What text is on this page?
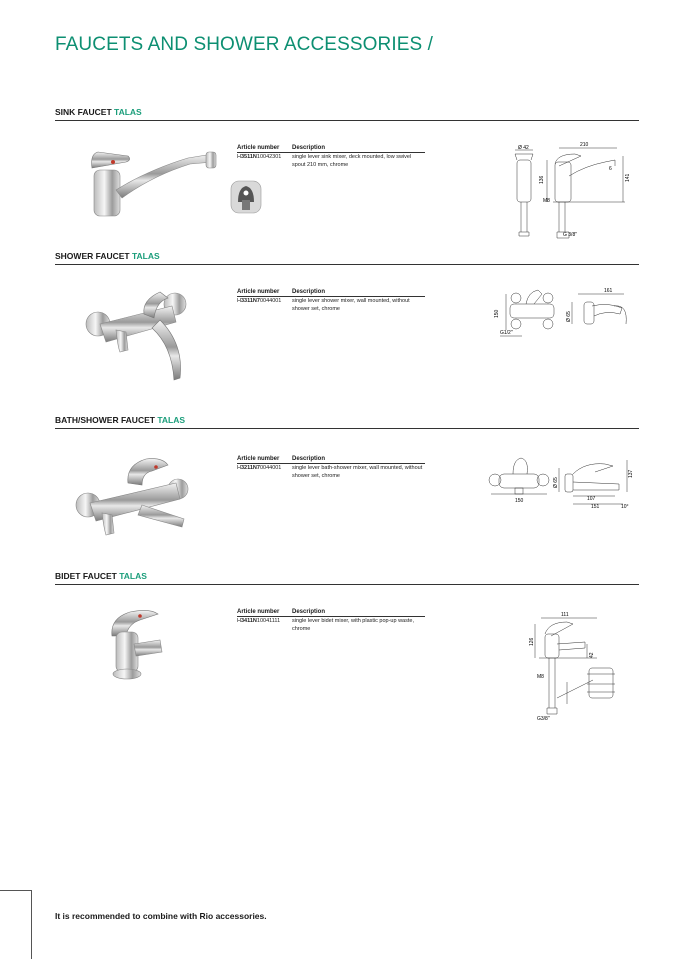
FAUCETS AND SHOWER ACCESSORIES /
SINK FAUCET TALAS
Article number	Description
H3511N10042301	single lever sink mixer, deck mounted, low swivel spout 210 mm, chrome
Ø 42	210
136	141
6
M8
G 3/8"
SHOWER FAUCET TALAS
Article number	Description
H3311N70044001	single lever shower mixer, wall mounted, without shower set, chrome
161
150	Ø 65
G1/2"
BATH/SHOWER FAUCET TALAS
Article number	Description
H3211N70044001	single lever bath-shower mixer, wall mounted, without shower set, chrome
150
Ø 65
137
107
151	10°
BIDET FAUCET TALAS
Article number	Description
H3411N10041111	single lever bidet mixer, with plastic pop-up waste, chrome
111
126
42
M8
G3/8"
It is recommended to combine with Rio accessories.
